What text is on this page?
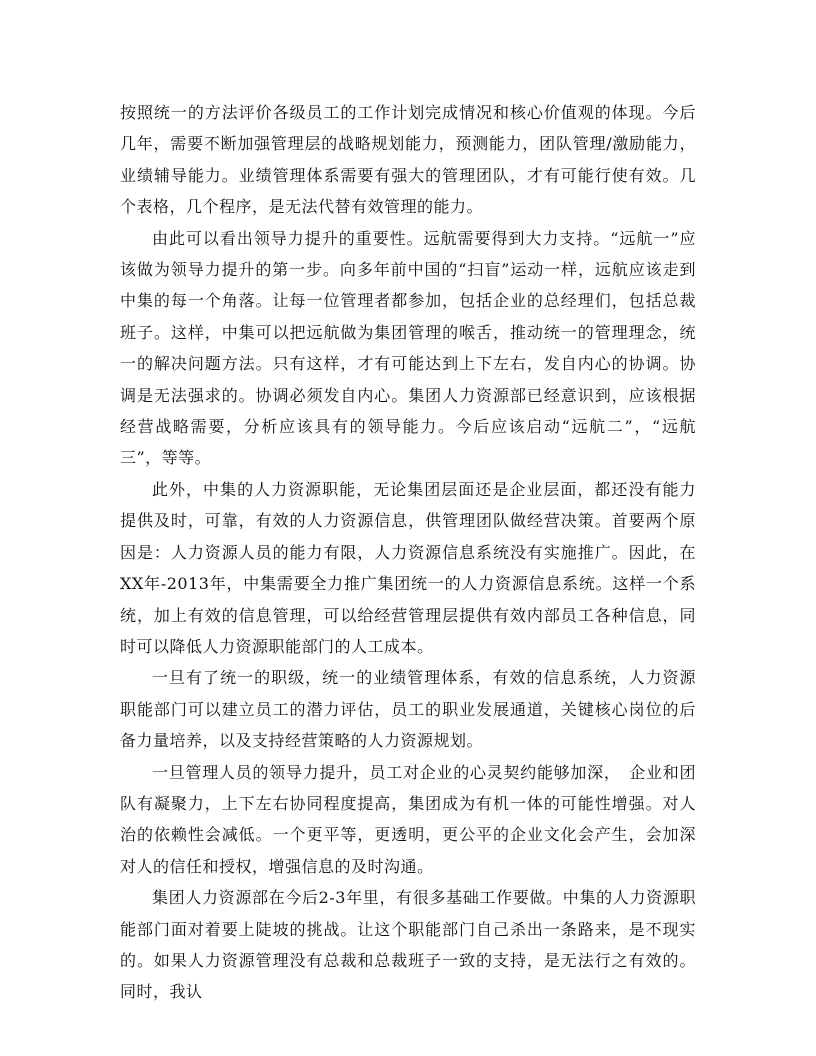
按照统一的方法评价各级员工的工作计划完成情况和核心价值观的体现。今后几年，需要不断加强管理层的战略规划能力，预测能力，团队管理/激励能力，业绩辅导能力。业绩管理体系需要有强大的管理团队，才有可能行使有效。几个表格，几个程序，是无法代替有效管理的能力。

由此可以看出领导力提升的重要性。远航需要得到大力支持。“远航一”应该做为领导力提升的第一步。向多年前中国的“扫盲”运动一样，远航应该走到中集的每一个角落。让每一位管理者都参加，包括企业的总经理们，包括总裁班子。这样，中集可以把远航做为集团管理的喉舌，推动统一的管理理念，统一的解决问题方法。只有这样，才有可能达到上下左右，发自内心的协调。协调是无法强求的。协调必须发自内心。集团人力资源部已经意识到，应该根据经营战略需要，分析应该具有的领导能力。今后应该启动“远航二”，“远航三”，等等。

此外，中集的人力资源职能，无论集团层面还是企业层面，都还没有能力提供及时，可靠，有效的人力资源信息，供管理团队做经营决策。首要两个原因是：人力资源人员的能力有限，人力资源信息系统没有实施推广。因此，在XX年-2013年，中集需要全力推广集团统一的人力资源信息系统。这样一个系统，加上有效的信息管理，可以给经营管理层提供有效内部员工各种信息，同时可以降低人力资源职能部门的人工成本。

一旦有了统一的职级，统一的业绩管理体系，有效的信息系统，人力资源职能部门可以建立员工的潜力评估，员工的职业发展通道，关键核心岗位的后备力量培养，以及支持经营策略的人力资源规划。

一旦管理人员的领导力提升，员工对企业的心灵契约能够加深，　企业和团队有凝聚力，上下左右协同程度提高，集团成为有机一体的可能性增强。对人治的依赖性会减低。一个更平等，更透明，更公平的企业文化会产生，会加深对人的信任和授权，增强信息的及时沟通。

集团人力资源部在今后2-3年里，有很多基础工作要做。中集的人力资源职能部门面对着要上陡坡的挑战。让这个职能部门自己杀出一条路来，是不现实的。如果人力资源管理没有总裁和总裁班子一致的支持，是无法行之有效的。同时，我认
